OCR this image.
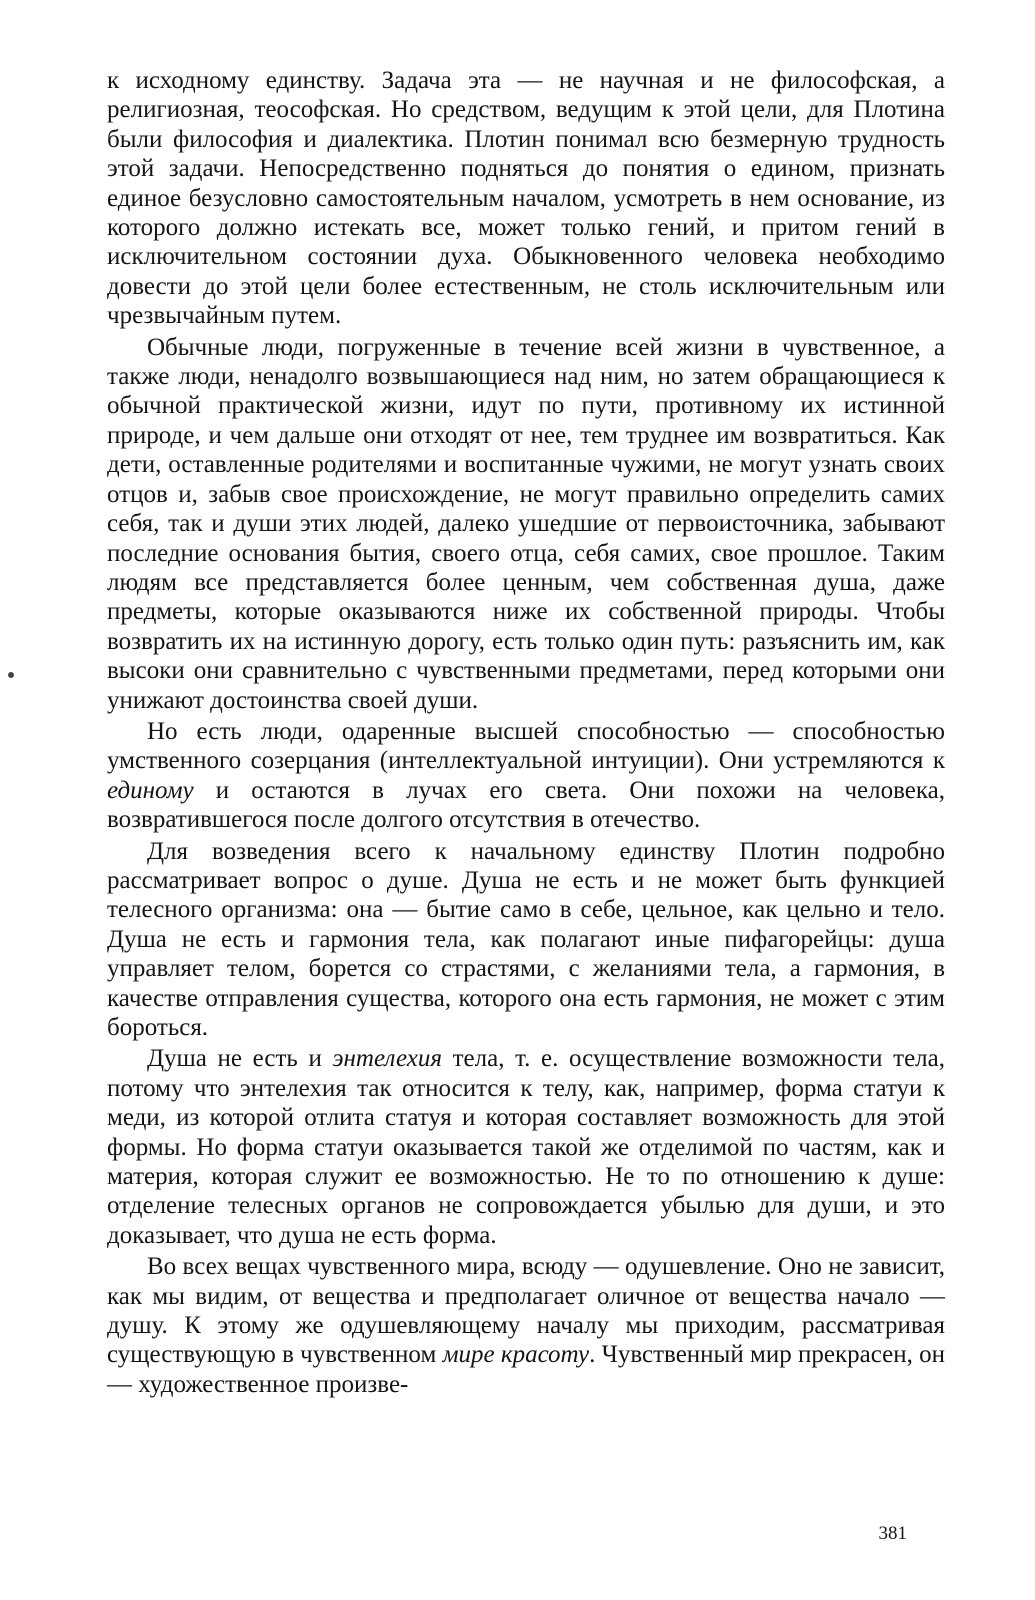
к исходному единству. Задача эта — не научная и не философская, а религиозная, теософская. Но средством, ведущим к этой цели, для Плотина были философия и диалектика. Плотин понимал всю безмерную трудность этой задачи. Непосредственно подняться до понятия о едином, признать единое безусловно самостоятельным началом, усмотреть в нем основание, из которого должно истекать все, может только гений, и притом гений в исключительном состоянии духа. Обыкновенного человека необходимо довести до этой цели более естественным, не столь исключительным или чрезвычайным путем.

Обычные люди, погруженные в течение всей жизни в чувственное, а также люди, ненадолго возвышающиеся над ним, но затем обращающиеся к обычной практической жизни, идут по пути, противному их истинной природе, и чем дальше они отходят от нее, тем труднее им возвратиться. Как дети, оставленные родителями и воспитанные чужими, не могут узнать своих отцов и, забыв свое происхождение, не могут правильно определить самих себя, так и души этих людей, далеко ушедшие от первоисточника, забывают последние основания бытия, своего отца, себя самих, свое прошлое. Таким людям все представляется более ценным, чем собственная душа, даже предметы, которые оказываются ниже их собственной природы. Чтобы возвратить их на истинную дорогу, есть только один путь: разъяснить им, как высоки они сравнительно с чувственными предметами, перед которыми они унижают достоинства своей души.

Но есть люди, одаренные высшей способностью — способностью умственного созерцания (интеллектуальной интуиции). Они устремляются к единому и остаются в лучах его света. Они похожи на человека, возвратившегося после долгого отсутствия в отечество.

Для возведения всего к начальному единству Плотин подробно рассматривает вопрос о душе. Душа не есть и не может быть функцией телесного организма: она — бытие само в себе, цельное, как цельно и тело. Душа не есть и гармония тела, как полагают иные пифагорейцы: душа управляет телом, борется со страстями, с желаниями тела, а гармония, в качестве отправления существа, которого она есть гармония, не может с этим бороться.

Душа не есть и энтелехия тела, т. е. осуществление возможности тела, потому что энтелехия так относится к телу, как, например, форма статуи к меди, из которой отлита статуя и которая составляет возможность для этой формы. Но форма статуи оказывается такой же отделимой по частям, как и материя, которая служит ее возможностью. Не то по отношению к душе: отделение телесных органов не сопровождается убылью для души, и это доказывает, что душа не есть форма.

Во всех вещах чувственного мира, всюду — одушевление. Оно не зависит, как мы видим, от вещества и предполагает оличное от вещества начало — душу. К этому же одушевляющему началу мы приходим, рассматривая существующую в чувственном мире красоту. Чувственный мир прекрасен, он — художественное произве-

381
